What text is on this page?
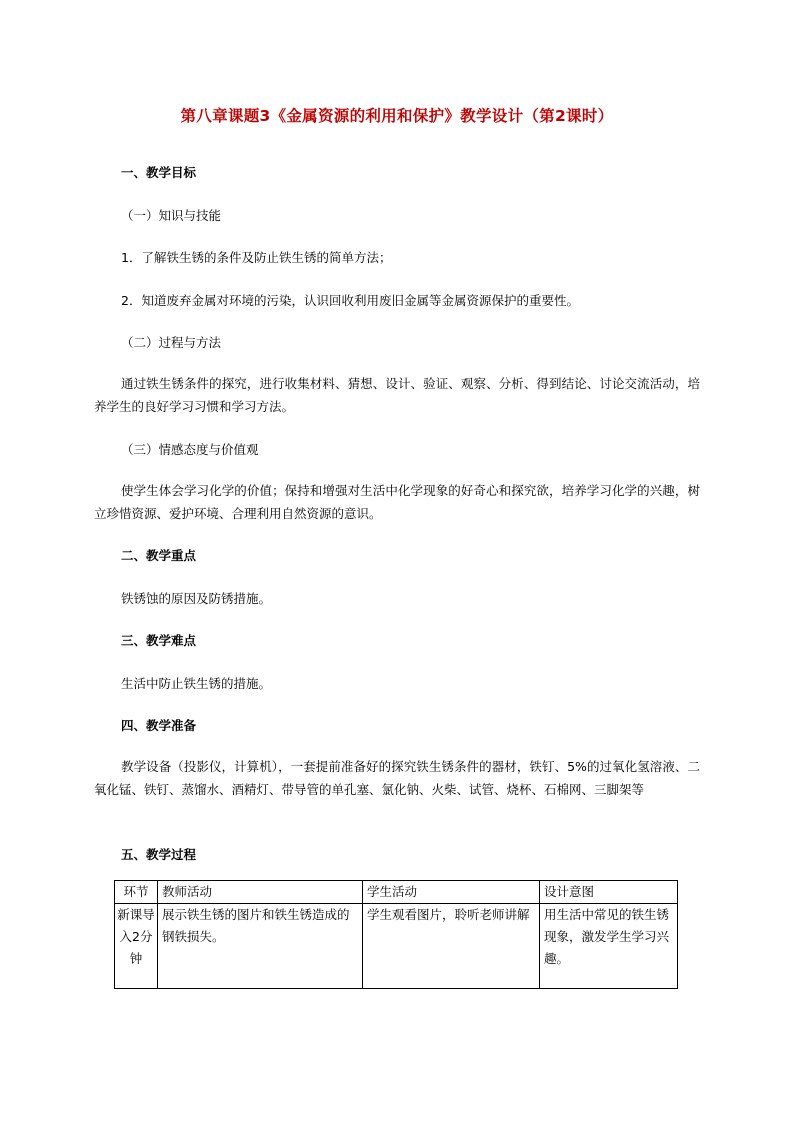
第八章课题3《金属资源的利用和保护》教学设计（第2课时）
一、教学目标
（一）知识与技能
1．了解铁生锈的条件及防止铁生锈的简单方法；
2．知道废弃金属对环境的污染，认识回收利用废旧金属等金属资源保护的重要性。
（二）过程与方法
通过铁生锈条件的探究，进行收集材料、猜想、设计、验证、观察、分析、得到结论、讨论交流活动，培养学生的良好学习习惯和学习方法。
（三）情感态度与价值观
使学生体会学习化学的价值；保持和增强对生活中化学现象的好奇心和探究欲，培养学习化学的兴趣，树立珍惜资源、爱护环境、合理利用自然资源的意识。
二、教学重点
铁锈蚀的原因及防锈措施。
三、教学难点
生活中防止铁生锈的措施。
四、教学准备
教学设备（投影仪，计算机），一套提前准备好的探究铁生锈条件的器材，铁钉、5%的过氧化氢溶液、二氧化锰、铁钉、蒸馏水、酒精灯、带导管的单孔塞、氯化钠、火柴、试管、烧杯、石棉网、三脚架等
五、教学过程
环节	教师活动	学生活动	设计意图
新课导入2分钟	展示铁生锈的图片和铁生锈造成的钢铁损失。	学生观看图片，聆听老师讲解	用生活中常见的铁生锈现象，激发学生学习兴趣。
